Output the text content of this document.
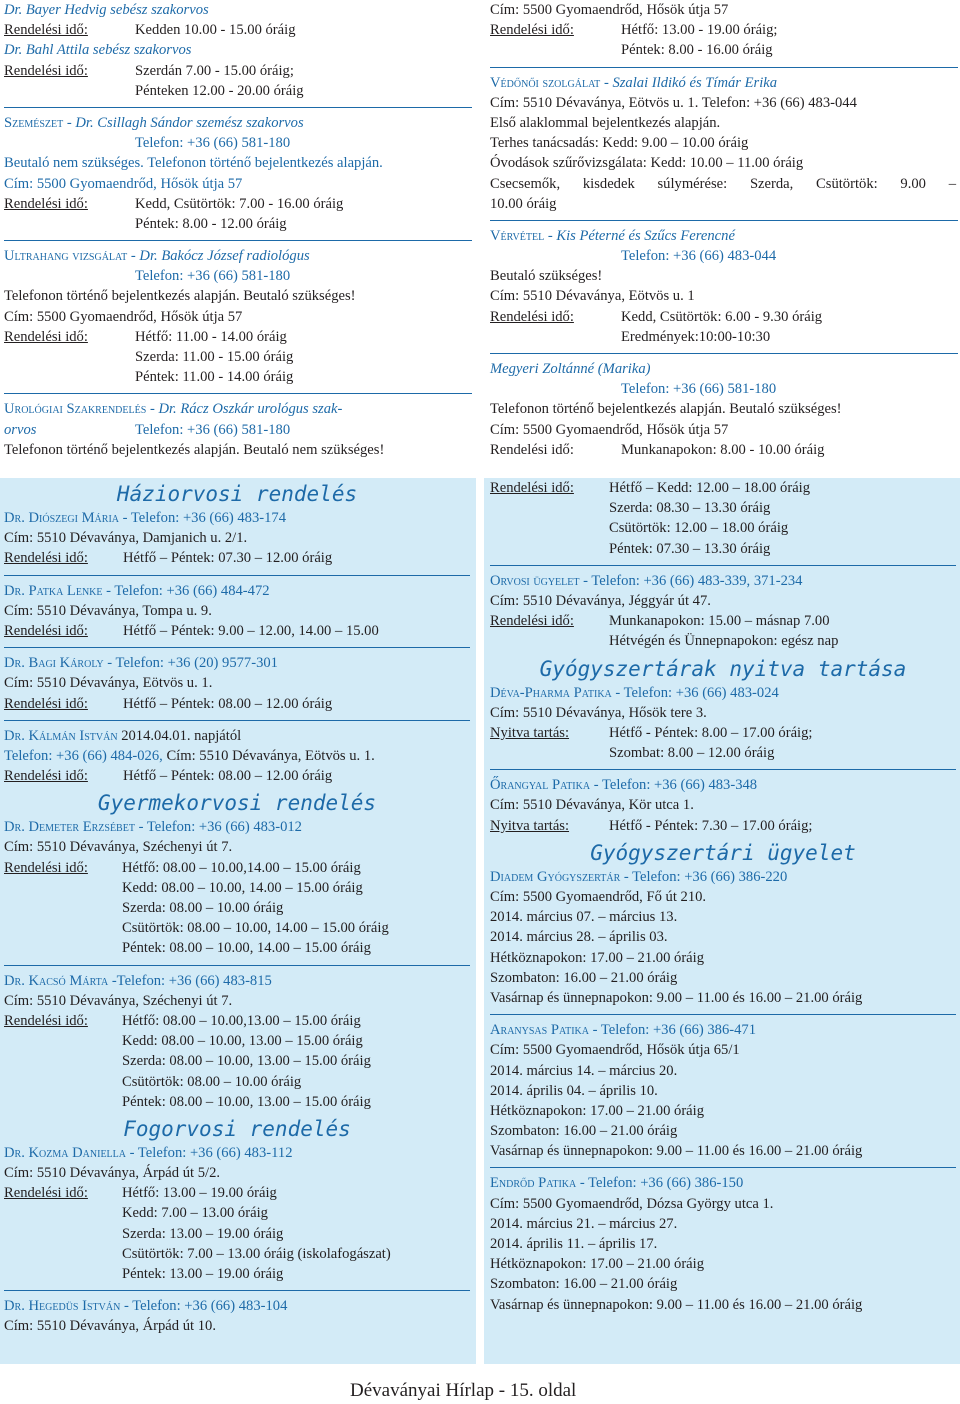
Dr. Bayer Hedvig sebész szakorvos
Rendelési idő:	Kedden 10.00 - 15.00 óráig
Dr. Bahl Attila sebész szakorvos
Rendelési idő:	Szerdán 7.00 - 15.00 óráig;
Pénteken 12.00 - 20.00 óráig
Szemészet - Dr. Csillagh Sándor szemész szakorvos
Telefon: +36 (66) 581-180
Beutaló nem szükséges. Telefonon történő bejelentkezés alapján.
Cím: 5500 Gyomaendrőd, Hősök útja 57
Rendelési idő:	Kedd, Csütörtök: 7.00 - 16.00 óráig
Péntek: 8.00 - 12.00 óráig
Ultrahang vizsgálat - Dr. Bakócz József radiológus
Telefon: +36 (66) 581-180
Telefonon történő bejelentkezés alapján. Beutaló szükséges!
Cím: 5500 Gyomaendrőd, Hősök útja 57
Rendelési idő:	Hétfő: 11.00 - 14.00 óráig
Szerda: 11.00 - 15.00 óráig
Péntek: 11.00 - 14.00 óráig
Urológiai Szakrendelés - Dr. Rácz Oszkár urológus szak-
orvos	Telefon: +36 (66) 581-180
Telefonon történő bejelentkezés alapján. Beutaló nem szükséges!
Háziorvosi rendelés
Dr. Diószegi Mária - Telefon: +36 (66) 483-174
Cím: 5510 Dévaványa, Damjanich u. 2/1.
Rendelési idő: Hétfő – Péntek: 07.30 – 12.00 óráig
Dr. Patka Lenke - Telefon: +36 (66) 484-472
Cím: 5510 Dévaványa, Tompa u. 9.
Rendelési idő: Hétfő – Péntek: 9.00 – 12.00, 14.00 – 15.00
Dr. Bagi Károly - Telefon: +36 (20) 9577-301
Cím: 5510 Dévaványa, Eötvös u. 1.
Rendelési idő: Hétfő – Péntek: 08.00 – 12.00 óráig
Dr. Kálmán István 2014.04.01. napjától
Telefon: +36 (66) 484-026, Cím: 5510 Dévaványa, Eötvös u. 1.
Rendelési idő: Hétfő – Péntek: 08.00 – 12.00 óráig
Gyermekorvosi rendelés
Dr. Demeter Erzsébet - Telefon: +36 (66) 483-012
Cím: 5510 Dévaványa, Széchenyi út 7.
Rendelési idő: Hétfő: 08.00 – 10.00,14.00 – 15.00 óráig
Kedd: 08.00 – 10.00, 14.00 – 15.00 óráig
Szerda: 08.00 – 10.00 óráig
Csütörtök: 08.00 – 10.00, 14.00 – 15.00 óráig
Péntek: 08.00 – 10.00, 14.00 – 15.00 óráig
Dr. Kacsó Márta -Telefon: +36 (66) 483-815
Cím: 5510 Dévaványa, Széchenyi út 7.
Rendelési idő: Hétfő: 08.00 – 10.00,13.00 – 15.00 óráig
Kedd: 08.00 – 10.00, 13.00 – 15.00 óráig
Szerda: 08.00 – 10.00, 13.00 – 15.00 óráig
Csütörtök: 08.00 – 10.00 óráig
Péntek: 08.00 – 10.00, 13.00 – 15.00 óráig
Fogorvosi rendelés
Dr. Kozma Daniella - Telefon: +36 (66) 483-112
Cím: 5510 Dévaványa, Árpád út 5/2.
Rendelési idő: Hétfő: 13.00 – 19.00 óráig
Kedd: 7.00 – 13.00 óráig
Szerda: 13.00 – 19.00 óráig
Csütörtök: 7.00 – 13.00 óráig (iskolafogászat)
Péntek: 13.00 – 19.00 óráig
Dr. Hegedüs István - Telefon: +36 (66) 483-104
Cím: 5510 Dévaványa, Árpád út 10.
Cím: 5500 Gyomaendrőd, Hősök útja 57
Rendelési idő:	Hétfő: 13.00 - 19.00 óráig;
Péntek: 8.00 - 16.00 óráig
Védőnői szolgálat - Szalai Ildikó és Tímár Erika
Cím: 5510 Dévaványa, Eötvös u. 1. Telefon: +36 (66) 483-044
Első alaklommal bejelentkezés alapján.
Terhes tanácsadás: Kedd: 9.00 – 10.00 óráig
Óvodások szűrővizsgálata: Kedd: 10.00 – 11.00 óráig
Csecsemők, kisdedek súlymérése: Szerda, Csütörtök: 9.00 –
10.00 óráig
Vérvétel - Kis Péterné és Szűcs Ferencné
Telefon: +36 (66) 483-044
Beutaló szükséges!
Cím: 5510 Dévaványa, Eötvös u. 1
Rendelési idő:	Kedd, Csütörtök: 6.00 - 9.30 óráig
Eredmények:10:00-10:30
Megyeri Zoltánné (Marika)
Telefon: +36 (66) 581-180
Telefonon történő bejelentkezés alapján. Beutaló szükséges!
Cím: 5500 Gyomaendrőd, Hősök útja 57
Rendelési idő:	Munkanapokon: 8.00 - 10.00 óráig
Rendelési idő: Hétfő – Kedd: 12.00 – 18.00 óráig
Szerda: 08.30 – 13.30 óráig
Csütörtök: 12.00 – 18.00 óráig
Péntek: 07.30 – 13.30 óráig
Orvosi ügyelet - Telefon: +36 (66) 483-339, 371-234
Cím: 5510 Dévaványa, Jéggyár út 47.
Rendelési idő: Munkanapokon: 15.00 – másnap 7.00
Hétvégén és Ünnepnapokon: egész nap
Gyógyszertárak nyitva tartása
Déva-Pharma Patika - Telefon: +36 (66) 483-024
Cím: 5510 Dévaványa, Hősök tere 3.
Nyitva tartás:	Hétfő - Péntek: 8.00 – 17.00 óráig;
Szombat: 8.00 – 12.00 óráig
Őrangyal Patika - Telefon: +36 (66) 483-348
Cím: 5510 Dévaványa, Kör utca 1.
Nyitva tartás:	Hétfő - Péntek: 7.30 – 17.00 óráig;
Gyógyszertári ügyelet
Diadem Gyógyszertár - Telefon: +36 (66) 386-220
Cím: 5500 Gyomaendrőd, Fő út 210.
2014. március 07. – március 13.
2014. március 28. – április 03.
Hétköznapokon: 17.00 – 21.00 óráig
Szombaton: 16.00 – 21.00 óráig
Vasárnap és ünnepnapokon: 9.00 – 11.00 és 16.00 – 21.00 óráig
Aranysas Patika - Telefon: +36 (66) 386-471
Cím: 5500 Gyomaendrőd, Hősök útja 65/1
2014. március 14. – március 20.
2014. április 04. – április 10.
Hétköznapokon: 17.00 – 21.00 óráig
Szombaton: 16.00 – 21.00 óráig
Vasárnap és ünnepnapokon: 9.00 – 11.00 és 16.00 – 21.00 óráig
Endrőd Patika - Telefon: +36 (66) 386-150
Cím: 5500 Gyomaendrőd, Dózsa György utca 1.
2014. március 21. – március 27.
2014. április 11. – április 17.
Hétköznapokon: 17.00 – 21.00 óráig
Szombaton: 16.00 – 21.00 óráig
Vasárnap és ünnepnapokon: 9.00 – 11.00 és 16.00 – 21.00 óráig
Dévaványai Hírlap - 15. oldal
